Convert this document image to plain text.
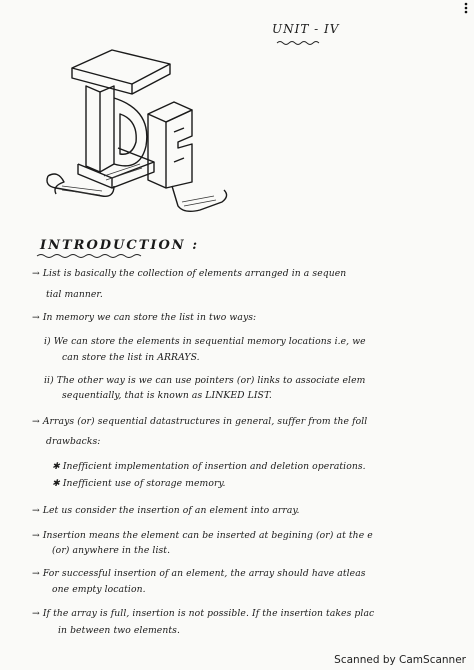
UNIT - IV
INTRODUCTION :
→ List is basically the collection of elements arranged in a sequen
tial manner.
→ In memory we can store the list in two ways:
i) We can store the elements in sequential memory locations i.e, we
can store the list in ARRAYS.
ii) The other way is we can use pointers (or) links to associate elem
sequentially, that is known as LINKED LIST.
→ Arrays (or) sequential datastructures in general, suffer from the foll
drawbacks:
✱ Inefficient implementation of insertion and deletion operations.
✱ Inefficient use of storage memory.
→ Let us consider the insertion of an element into array.
→ Insertion means the element can be inserted at begining (or) at the e
(or) anywhere in the list.
→ For successful insertion of an element, the array should have atleas
one empty location.
→ If the array is full, insertion is not possible. If the insertion takes plac
in between two elements.
Scanned by CamScanner
